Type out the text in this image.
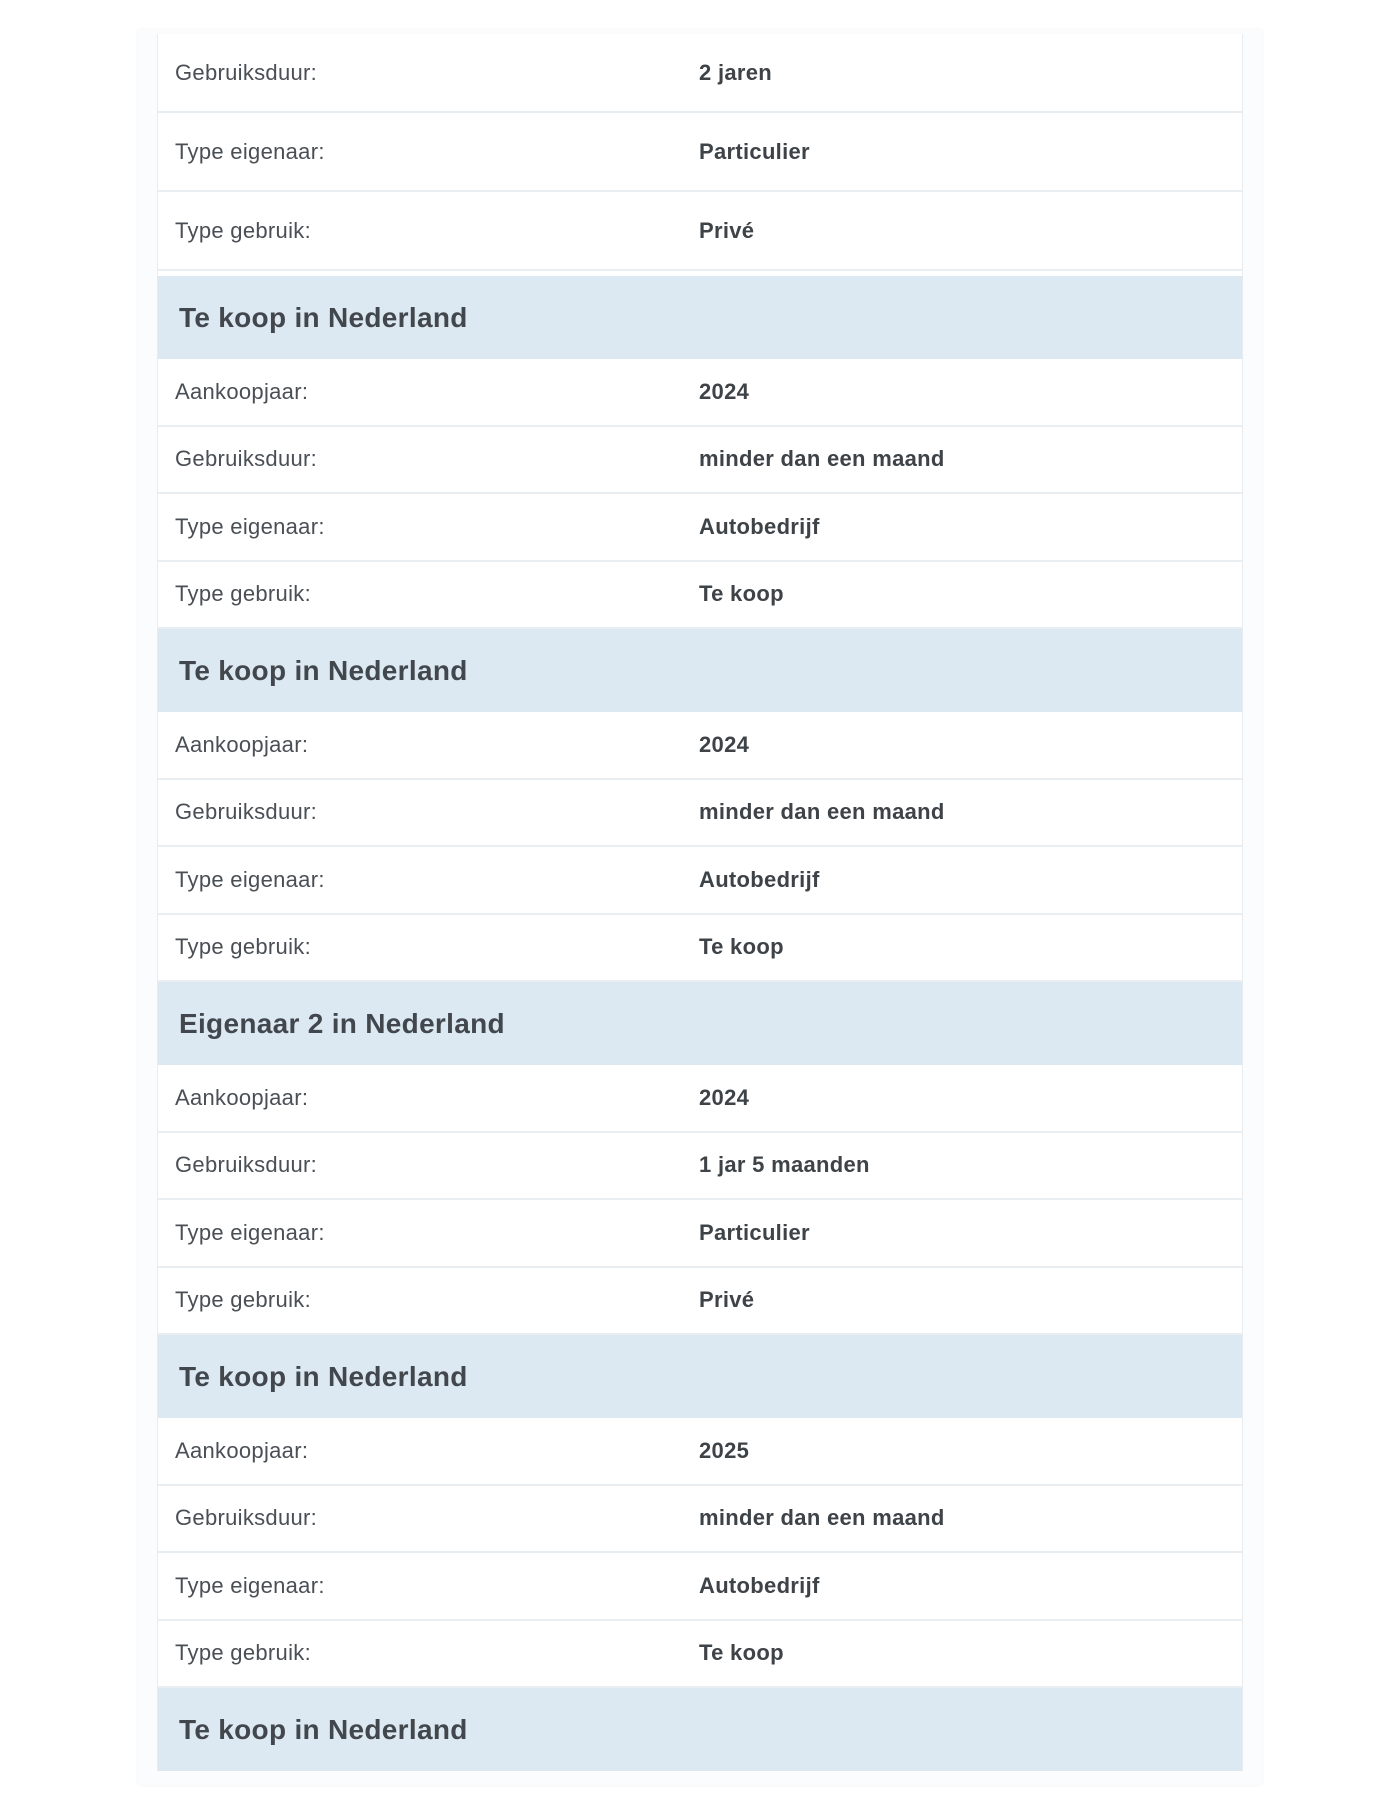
Gebruiksduur:	2 jaren
Type eigenaar:	Particulier
Type gebruik:	Privé
Te koop in Nederland
Aankoopjaar:	2024
Gebruiksduur:	minder dan een maand
Type eigenaar:	Autobedrijf
Type gebruik:	Te koop
Te koop in Nederland
Aankoopjaar:	2024
Gebruiksduur:	minder dan een maand
Type eigenaar:	Autobedrijf
Type gebruik:	Te koop
Eigenaar 2 in Nederland
Aankoopjaar:	2024
Gebruiksduur:	1 jar 5 maanden
Type eigenaar:	Particulier
Type gebruik:	Privé
Te koop in Nederland
Aankoopjaar:	2025
Gebruiksduur:	minder dan een maand
Type eigenaar:	Autobedrijf
Type gebruik:	Te koop
Te koop in Nederland
